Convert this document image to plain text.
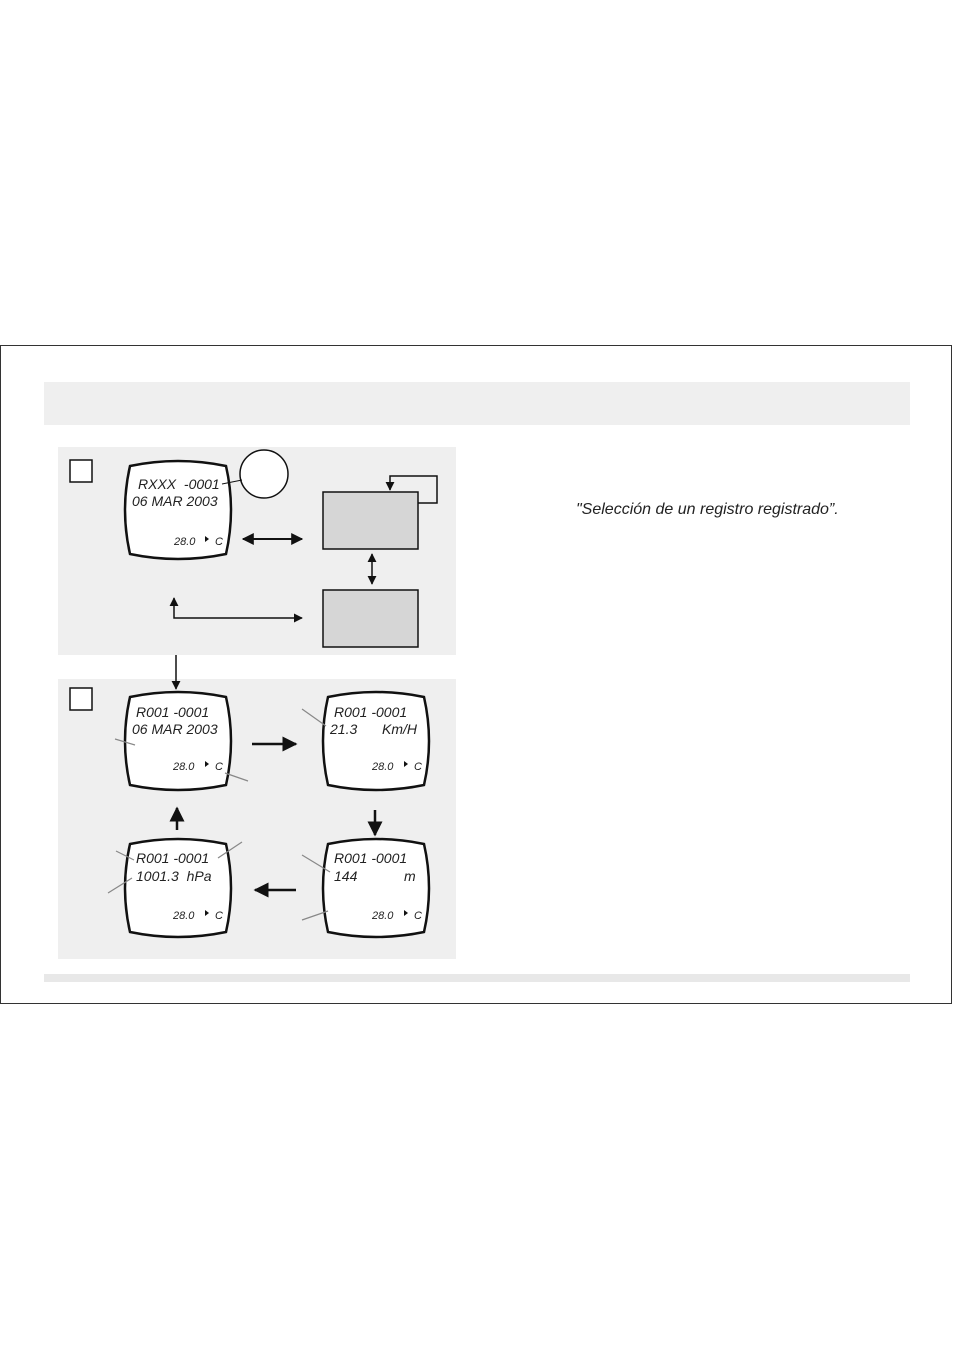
"Selección de un registro registrado”.
RXXX  -0001
06 MAR 2003
28.0 C
R001 -0001
06 MAR 2003
28.0 C
R001 -0001
21.3 Km/H
28.0 C
R001 -0001
144	m
28.0 C
R001 -0001
1001.3  hPa
28.0 C
